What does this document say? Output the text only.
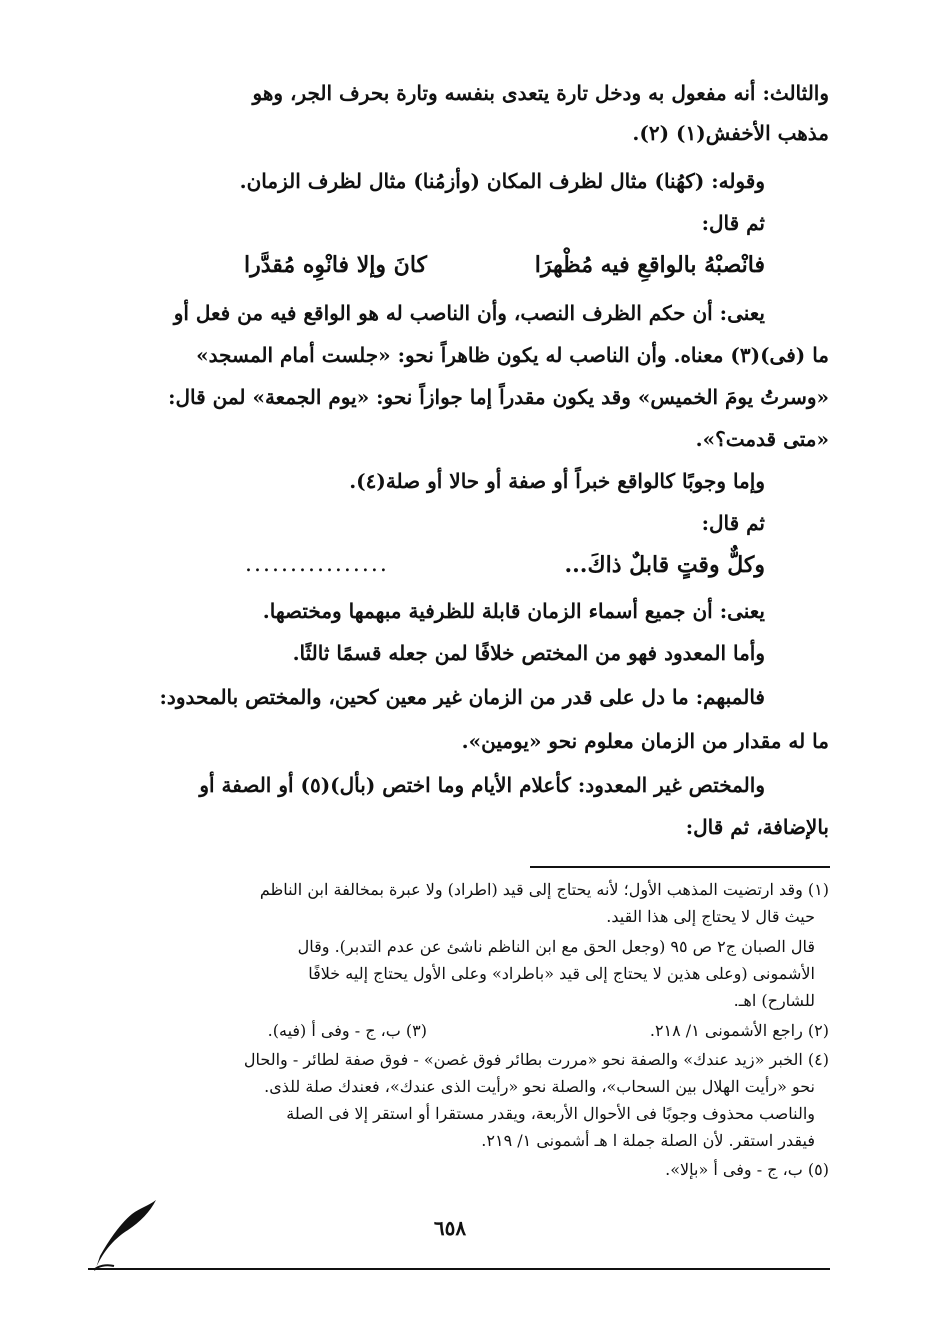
والثالث: أنه مفعول به ودخل تارة يتعدى بنفسه وتارة بحرف الجر، وهو
مذهب الأخفش(١) (٢).
وقوله: (كهُنا) مثال لظرف المكان (وأزمُنا) مثال لظرف الزمان.
ثم قال:
فانْصبْهُ بالواقعِ فيه مُظْهرَا
كانَ وإلا فانْوِه مُقدَّرا
يعنى: أن حكم الظرف النصب، وأن الناصب له هو الواقع فيه من فعل أو
ما (فى)(٣) معناه. وأن الناصب له يكون ظاهراً نحو: «جلست أمام المسجد»
«وسرتُ يومَ الخميس» وقد يكون مقدراً إما جوازاً نحو: «يوم الجمعة» لمن قال:
«متى قدمت؟».
وإما وجوبًا كالواقع خبراً أو صفة أو حالا أو صلة(٤).
ثم قال:
وكلٌّ وقتٍ قابلٌ ذاكَ...
................
يعنى: أن جميع أسماء الزمان قابلة للظرفية مبهمها ومختصها.
وأما المعدود فهو من المختص خلافًا لمن جعله قسمًا ثالثًا.
فالمبهم: ما دل على قدر من الزمان غير معين كحين، والمختص بالمحدود:
ما له مقدار من الزمان معلوم نحو «يومين».
والمختص غير المعدود: كأعلام الأيام وما اختص (بأل)(٥) أو الصفة أو
بالإضافة، ثم قال:
(١) وقد ارتضيت المذهب الأول؛ لأنه يحتاج إلى قيد (اطراد) ولا عبرة بمخالفة ابن الناظم
حيث قال لا يحتاج إلى هذا القيد.
قال الصبان ج٢ ص ٩٥ (وجعل الحق مع ابن الناظم ناشئ عن عدم التدبر). وقال
الأشمونى (وعلى هذين لا يحتاج إلى قيد «باطراد» وعلى الأول يحتاج إليه خلافًا
للشارح) اهـ.
(٢) راجع الأشمونى ١/ ٢١٨.
(٣) ب، ج - وفى أ (فيه).
(٤) الخبر «زيد عندك» والصفة نحو «مررت بطائر فوق غصن» - فوق صفة لطائر - والحال
نحو «رأيت الهلال بين السحاب»، والصلة نحو «رأيت الذى عندك»، فعندك صلة للذى.
والناصب محذوف وجوبًا فى الأحوال الأربعة، ويقدر مستقرا أو استقر إلا فى الصلة
فيقدر استقر. لأن الصلة جملة ا هـ أشمونى ١/ ٢١٩.
(٥) ب، ج - وفى أ «بإلا».
٦٥٨
